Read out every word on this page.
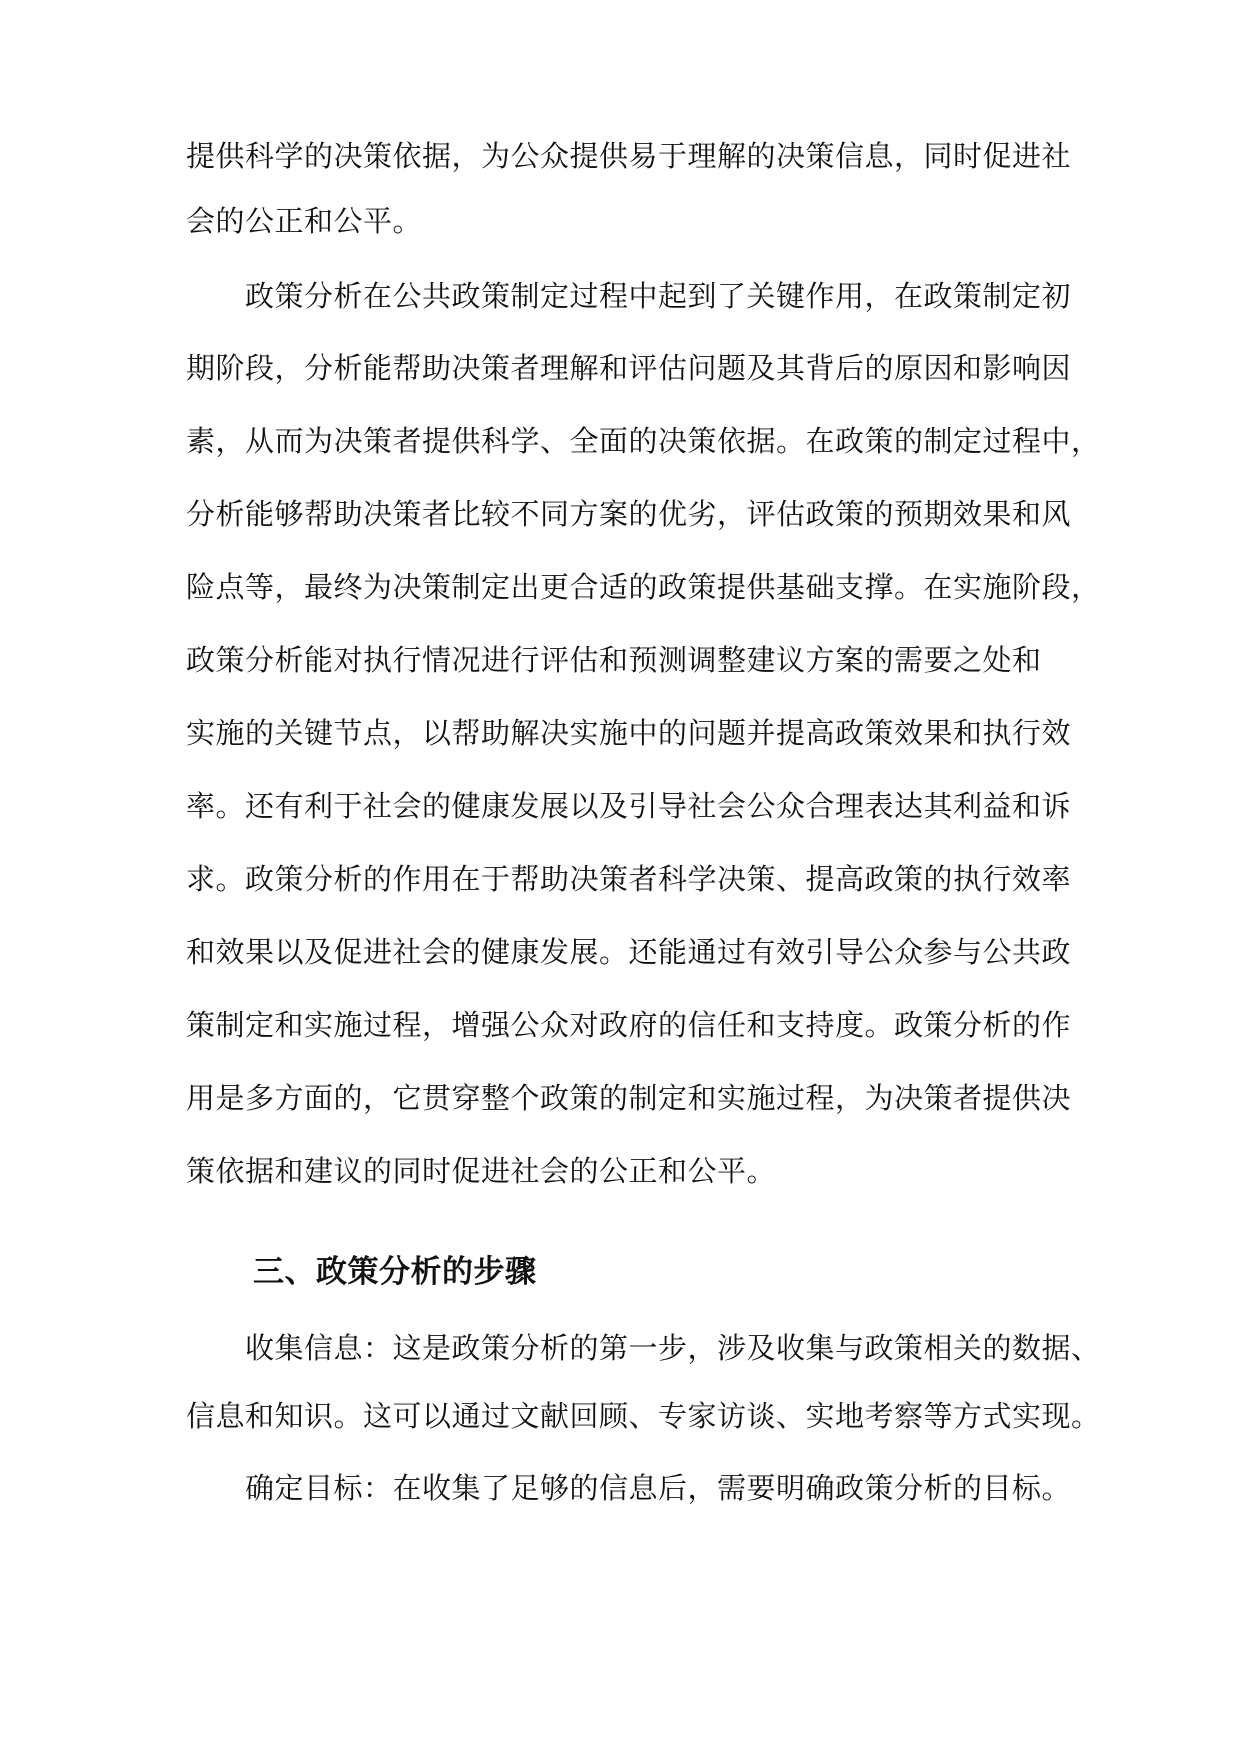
提供科学的决策依据，为公众提供易于理解的决策信息，同时促进社
会的公正和公平。
政策分析在公共政策制定过程中起到了关键作用，在政策制定初
期阶段，分析能帮助决策者理解和评估问题及其背后的原因和影响因
素，从而为决策者提供科学、全面的决策依据。在政策的制定过程中，
分析能够帮助决策者比较不同方案的优劣，评估政策的预期效果和风
险点等，最终为决策制定出更合适的政策提供基础支撑。在实施阶段，
政策分析能对执行情况进行评估和预测调整建议方案的需要之处和
实施的关键节点，以帮助解决实施中的问题并提高政策效果和执行效
率。还有利于社会的健康发展以及引导社会公众合理表达其利益和诉
求。政策分析的作用在于帮助决策者科学决策、提高政策的执行效率
和效果以及促进社会的健康发展。还能通过有效引导公众参与公共政
策制定和实施过程，增强公众对政府的信任和支持度。政策分析的作
用是多方面的，它贯穿整个政策的制定和实施过程，为决策者提供决
策依据和建议的同时促进社会的公正和公平。
三、政策分析的步骤
收集信息：这是政策分析的第一步，涉及收集与政策相关的数据、
信息和知识。这可以通过文献回顾、专家访谈、实地考察等方式实现。
确定目标：在收集了足够的信息后，需要明确政策分析的目标。
